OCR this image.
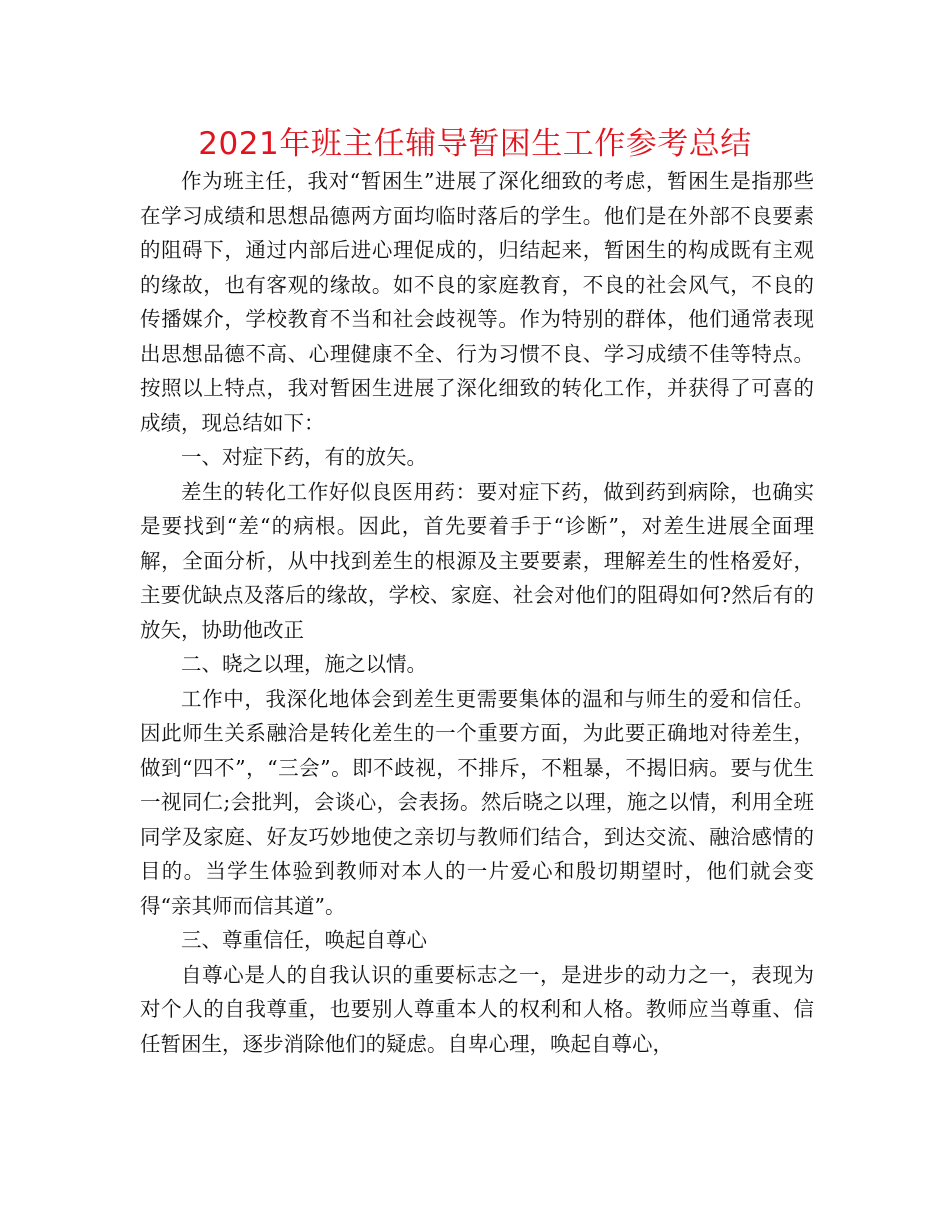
2021年班主任辅导暂困生工作参考总结

作为班主任，我对“暂困生”进展了深化细致的考虑，暂困生是指那些在学习成绩和思想品德两方面均临时落后的学生。他们是在外部不良要素的阻碍下，通过内部后进心理促成的，归结起来，暂困生的构成既有主观的缘故，也有客观的缘故。如不良的家庭教育，不良的社会风气，不良的传播媒介，学校教育不当和社会歧视等。作为特别的群体，他们通常表现出思想品德不高、心理健康不全、行为习惯不良、学习成绩不佳等特点。按照以上特点，我对暂困生进展了深化细致的转化工作，并获得了可喜的成绩，现总结如下：

一、对症下药，有的放矢。

差生的转化工作好似良医用药：要对症下药，做到药到病除，也确实是要找到“差“的病根。因此，首先要着手于“诊断”，对差生进展全面理解，全面分析，从中找到差生的根源及主要要素，理解差生的性格爱好，主要优缺点及落后的缘故，学校、家庭、社会对他们的阻碍如何?然后有的放矢，协助他改正

二、晓之以理，施之以情。

工作中，我深化地体会到差生更需要集体的温和与师生的爱和信任。因此师生关系融洽是转化差生的一个重要方面，为此要正确地对待差生，做到“四不”，“三会”。即不歧视，不排斥，不粗暴，不揭旧病。要与优生一视同仁;会批判，会谈心，会表扬。然后晓之以理，施之以情，利用全班同学及家庭、好友巧妙地使之亲切与教师们结合，到达交流、融洽感情的目的。当学生体验到教师对本人的一片爱心和殷切期望时，他们就会变得“亲其师而信其道”。

三、尊重信任，唤起自尊心

自尊心是人的自我认识的重要标志之一，是进步的动力之一，表现为对个人的自我尊重，也要别人尊重本人的权利和人格。教师应当尊重、信任暂困生，逐步消除他们的疑虑。自卑心理，唤起自尊心，
